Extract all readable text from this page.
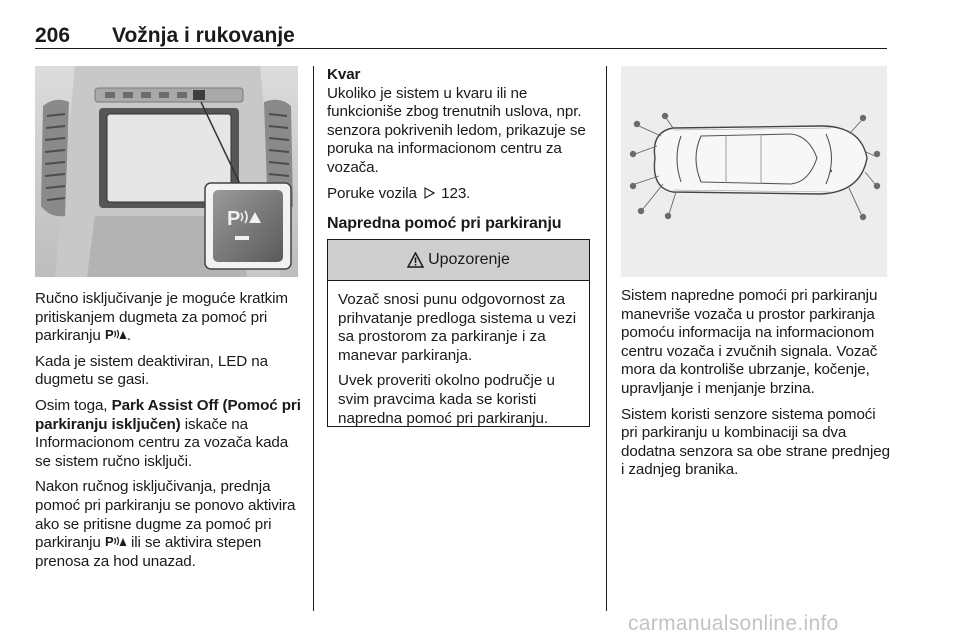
206 Vožnja i rukovanje
P

Ručno isključivanje je moguće kratkim pritiskanjem dugmeta za pomoć pri parkiranju P .

Kada je sistem deaktiviran, LED na dugmetu se gasi.

Osim toga, Park Assist Off (Pomoć pri parkiranju isključen) iskače na Informacionom centru za vozača kada se sistem ručno isključi.

Nakon ručnog isključivanja, prednja pomoć pri parkiranju se ponovo aktivira ako se pritisne dugme za pomoć pri parkiranju P ili se aktivira stepen prenosa za hod unazad.

Kvar

Ukoliko je sistem u kvaru ili ne funkcioniše zbog trenutnih uslova, npr. senzora pokrivenih ledom, prikazuje se poruka na informacionom centru za vozača.

Poruke vozila 123.

Napredna pomoć pri parkiranju

Upozorenje

Vozač snosi punu odgovornost za prihvatanje predloga sistema u vezi sa prostorom za parkiranje i za manevar parkiranja.

Uvek proveriti okolno područje u svim pravcima kada se koristi napredna pomoć pri parkiranju.

Sistem napredne pomoći pri parkiranju manevriše vozača u prostor parkiranja pomoću informacija na informacionom centru vozača i zvučnih signala. Vozač mora da kontroliše ubrzanje, kočenje, upravljanje i menjanje brzina.

Sistem koristi senzore sistema pomoći pri parkiranju u kombinaciji sa dva dodatna senzora sa obe strane prednjeg i zadnjeg branika.

carmanualsonline.info
